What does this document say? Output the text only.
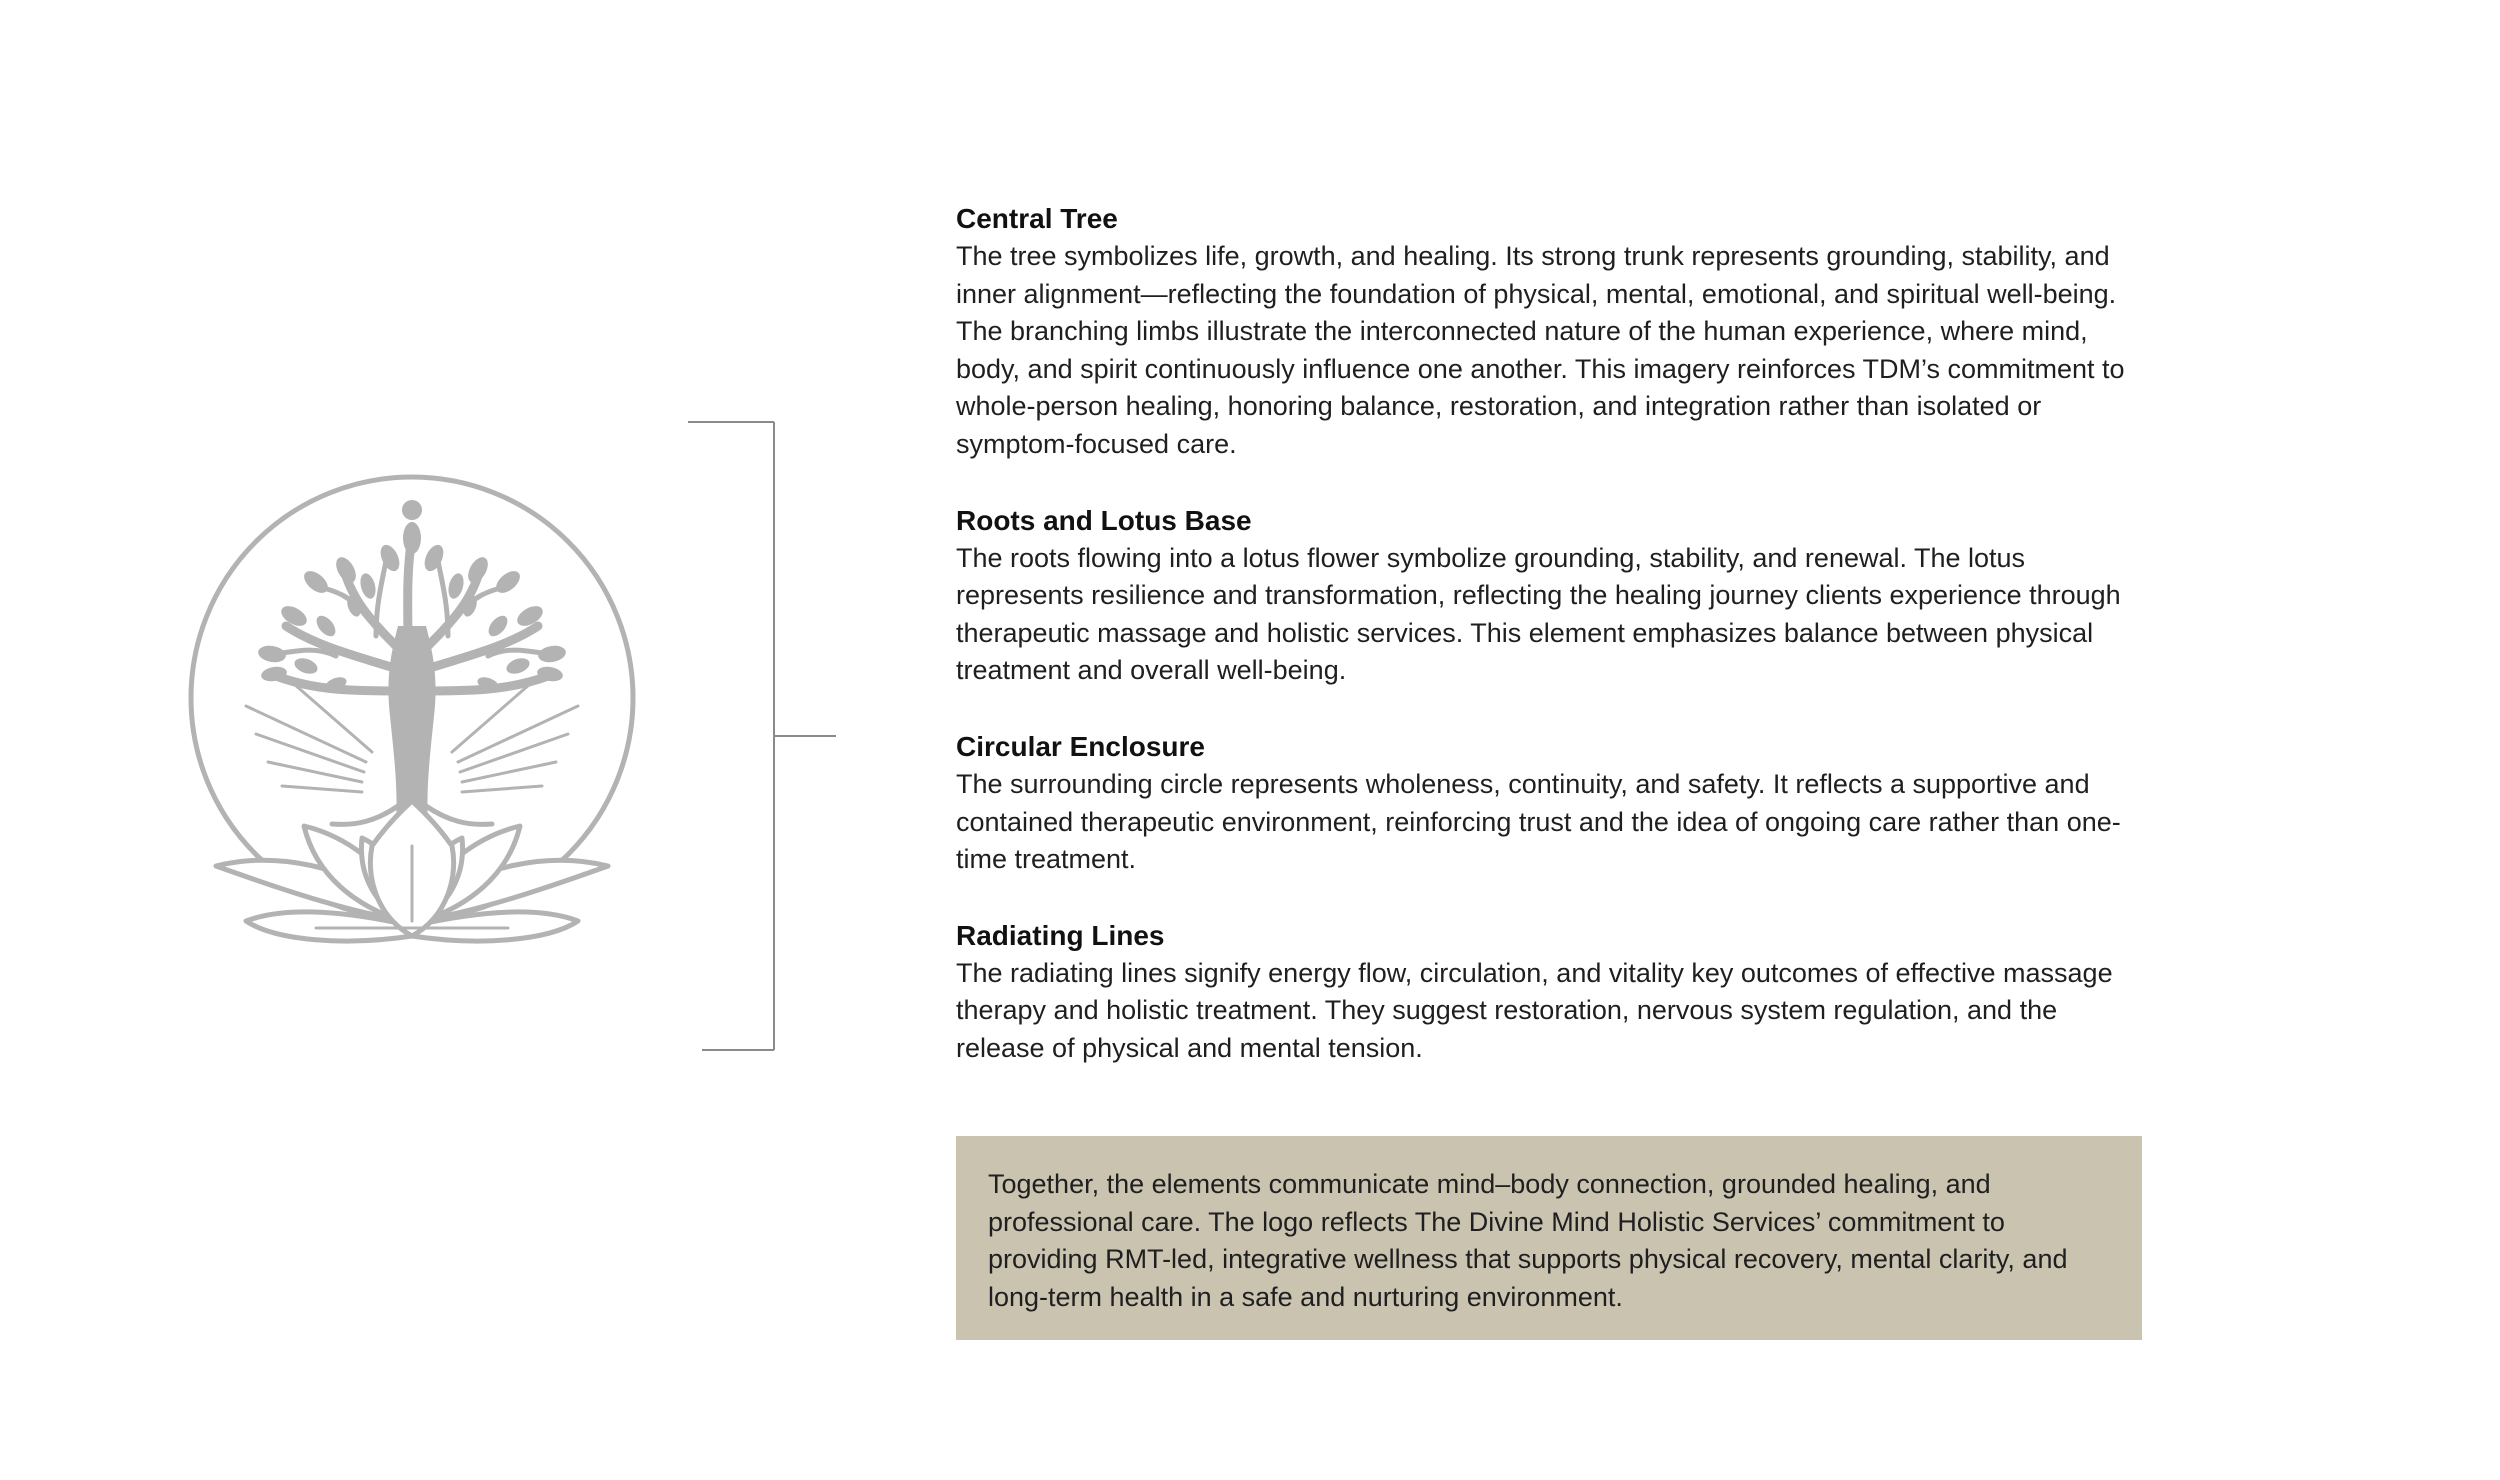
Central Tree

The tree symbolizes life, growth, and healing. Its strong trunk represents grounding, stability, and inner alignment—reflecting the foundation of physical, mental, emotional, and spiritual well-being. The branching limbs illustrate the interconnected nature of the human experience, where mind, body, and spirit continuously influence one another. This imagery reinforces TDM’s commitment to whole-person healing, honoring balance, restoration, and integration rather than isolated or symptom-focused care.

Roots and Lotus Base

The roots flowing into a lotus flower symbolize grounding, stability, and renewal. The lotus represents resilience and transformation, reflecting the healing journey clients experience through therapeutic massage and holistic services. This element emphasizes balance between physical treatment and overall well-being.

Circular Enclosure

The surrounding circle represents wholeness, continuity, and safety. It reflects a supportive and contained therapeutic environment, reinforcing trust and the idea of ongoing care rather than one-time treatment.

Radiating Lines

The radiating lines signify energy flow, circulation, and vitality key outcomes of effective massage therapy and holistic treatment. They suggest restoration, nervous system regulation, and the release of physical and mental tension.

Together, the elements communicate mind–body connection, grounded healing, and professional care. The logo reflects The Divine Mind Holistic Services’ commitment to providing RMT-led, integrative wellness that supports physical recovery, mental clarity, and long-term health in a safe and nurturing environment.
